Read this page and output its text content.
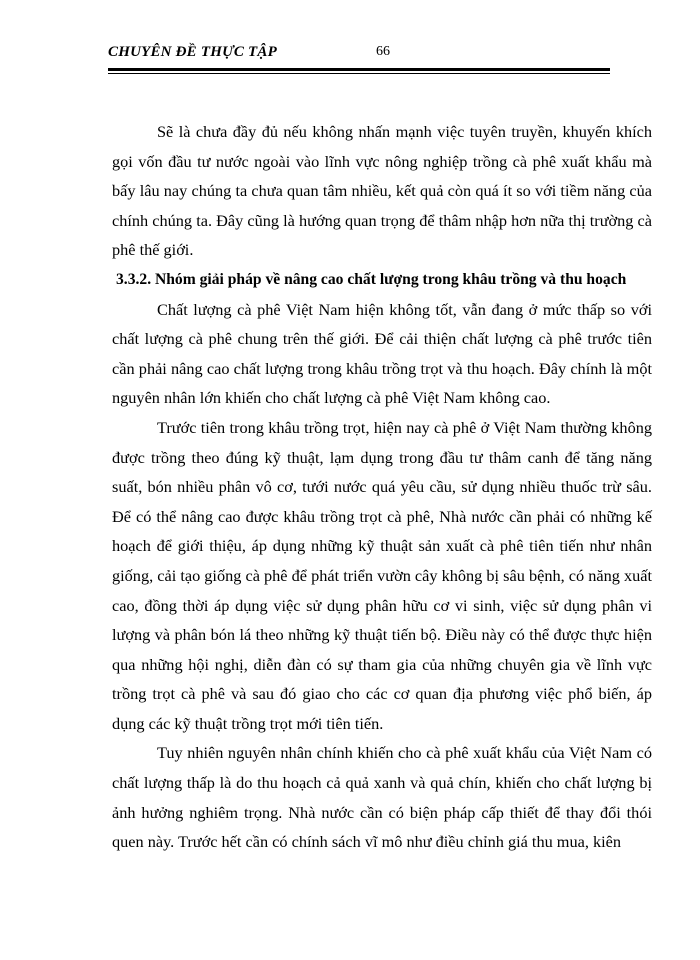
CHUYÊN ĐỀ THỰC TẬP	66

Sẽ là chưa đầy đủ nếu không nhấn mạnh việc tuyên truyền, khuyến khích gọi vốn đầu tư nước ngoài vào lĩnh vực nông nghiệp trồng cà phê xuất khẩu mà bấy lâu nay chúng ta chưa quan tâm nhiều, kết quả còn quá ít so với tiềm năng của chính chúng ta. Đây cũng là hướng quan trọng để thâm nhập hơn nữa thị trường cà phê thế giới.

3.3.2. Nhóm giải pháp về nâng cao chất lượng trong khâu trồng và thu hoạch

Chất lượng cà phê Việt Nam hiện không tốt, vẫn đang ở mức thấp so với chất lượng cà phê chung trên thế giới. Để cải thiện chất lượng cà phê trước tiên cần phải nâng cao chất lượng trong khâu trồng trọt và thu hoạch. Đây chính là một nguyên nhân lớn khiến cho chất lượng cà phê Việt Nam không cao.

Trước tiên trong khâu trồng trọt, hiện nay cà phê ở Việt Nam thường không được trồng theo đúng kỹ thuật, lạm dụng trong đầu tư thâm canh để tăng năng suất, bón nhiều phân vô cơ, tưới nước quá yêu cầu, sử dụng nhiều thuốc trừ sâu. Để có thể nâng cao được khâu trồng trọt cà phê, Nhà nước cần phải có những kế hoạch để giới thiệu, áp dụng những kỹ thuật sản xuất cà phê tiên tiến như nhân giống, cải tạo giống cà phê để phát triển vườn cây không bị sâu bệnh, có năng xuất cao, đồng thời áp dụng việc sử dụng phân hữu cơ vi sinh, việc sử dụng phân vi lượng và phân bón lá theo những kỹ thuật tiến bộ. Điều này có thể được thực hiện qua những hội nghị, diễn đàn có sự tham gia của những chuyên gia về lĩnh vực trồng trọt cà phê và sau đó giao cho các cơ quan địa phương việc phổ biến, áp dụng các kỹ thuật trồng trọt mới tiên tiến.

Tuy nhiên nguyên nhân chính khiến cho cà phê xuất khẩu của Việt Nam có chất lượng thấp là do thu hoạch cả quả xanh và quả chín, khiến cho chất lượng bị ảnh hưởng nghiêm trọng. Nhà nước cần có biện pháp cấp thiết để thay đổi thói quen này. Trước hết cần có chính sách vĩ mô như điều chỉnh giá thu mua, kiên
